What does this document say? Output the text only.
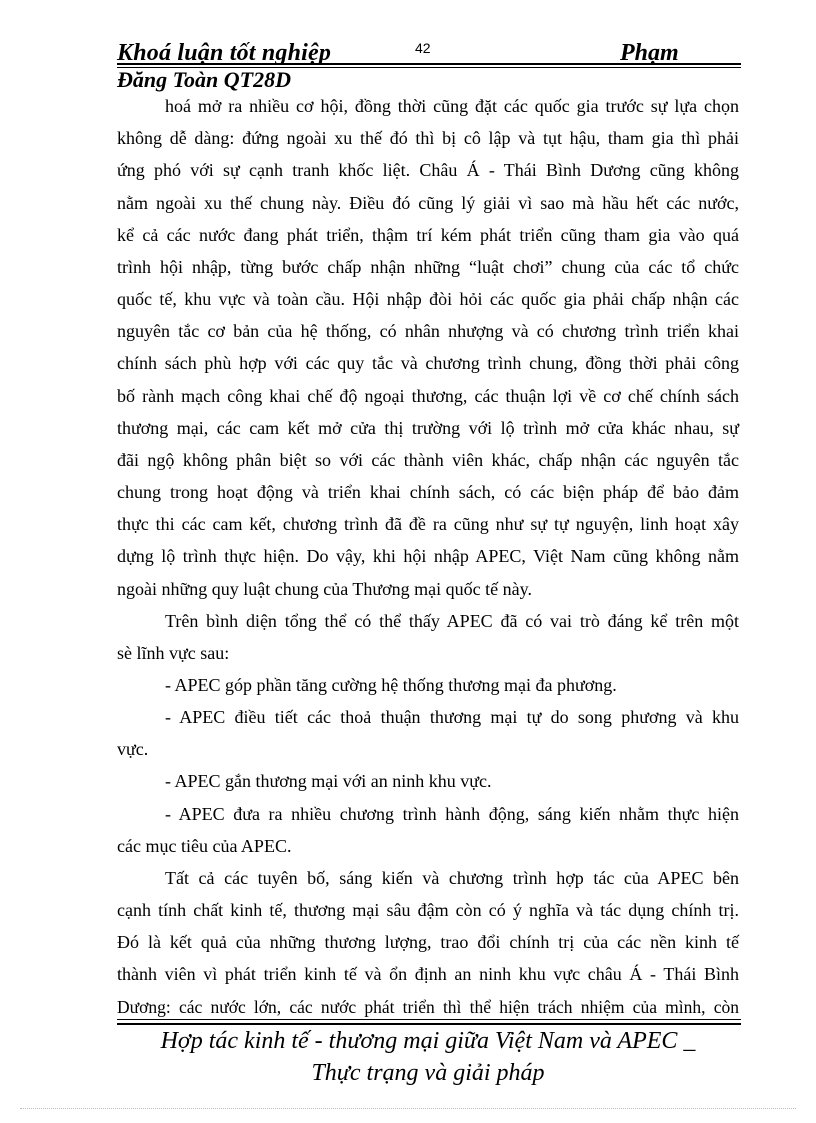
42
Khoá luận tốt nghiệp	Phạm
Đăng Toàn QT28D
hoá mở ra nhiều cơ hội, đồng thời cũng đặt các quốc gia trước sự lựa chọn
không dễ dàng: đứng ngoài xu thế đó thì bị cô lập và tụt hậu, tham gia thì phải
ứng phó với sự cạnh tranh khốc liệt. Châu Á - Thái Bình Dương cũng không
nằm ngoài xu thế chung này. Điều đó cũng lý giải vì sao mà hầu hết các nước,
kể cả các nước đang phát triển, thậm trí kém phát triển cũng tham gia vào quá
trình hội nhập, từng bước chấp nhận những “luật chơi” chung của các tổ chức
quốc tế, khu vực và toàn cầu. Hội nhập đòi hỏi các quốc gia phải chấp nhận các
nguyên tắc cơ bản của hệ thống, có nhân nhượng và có chương trình triển khai
chính sách phù hợp với các quy tắc và chương trình chung, đồng thời phải công
bố rành mạch công khai chế độ ngoại thương, các thuận lợi về cơ chế chính sách
thương mại, các cam kết mở cửa thị trường với lộ trình mở cửa khác nhau, sự
đãi ngộ không phân biệt so với các thành viên khác, chấp nhận các nguyên tắc
chung trong hoạt động và triển khai chính sách, có các biện pháp để bảo đảm
thực thi các cam kết, chương trình đã đề ra cũng như sự tự nguyện, linh hoạt xây
dựng lộ trình thực hiện. Do vậy, khi hội nhập APEC, Việt Nam cũng không nằm
ngoài những quy luật chung của Thương mại quốc tế này.
Trên bình diện tổng thể có thể thấy APEC đã có vai trò đáng kể trên một
sè lĩnh vực sau:
- APEC góp phần tăng cường hệ thống thương mại đa phương.
- APEC điều tiết các thoả thuận thương mại tự do song phương và khu
vực.
- APEC gắn thương mại với an ninh khu vực.
- APEC đưa ra nhiều chương trình hành động, sáng kiến nhằm thực hiện
các mục tiêu của APEC.
Tất cả các tuyên bố, sáng kiến và chương trình hợp tác của APEC bên
cạnh tính chất kinh tế, thương mại sâu đậm còn có ý nghĩa và tác dụng chính trị.
Đó là kết quả của những thương lượng, trao đổi chính trị của các nền kinh tế
thành viên vì phát triển kinh tế và ổn định an ninh khu vực châu Á - Thái Bình
Dương: các nước lớn, các nước phát triển thì thể hiện trách nhiệm của mình, còn
Hợp tác kinh tế - thương mại giữa Việt Nam và APEC _
Thực trạng và giải pháp
